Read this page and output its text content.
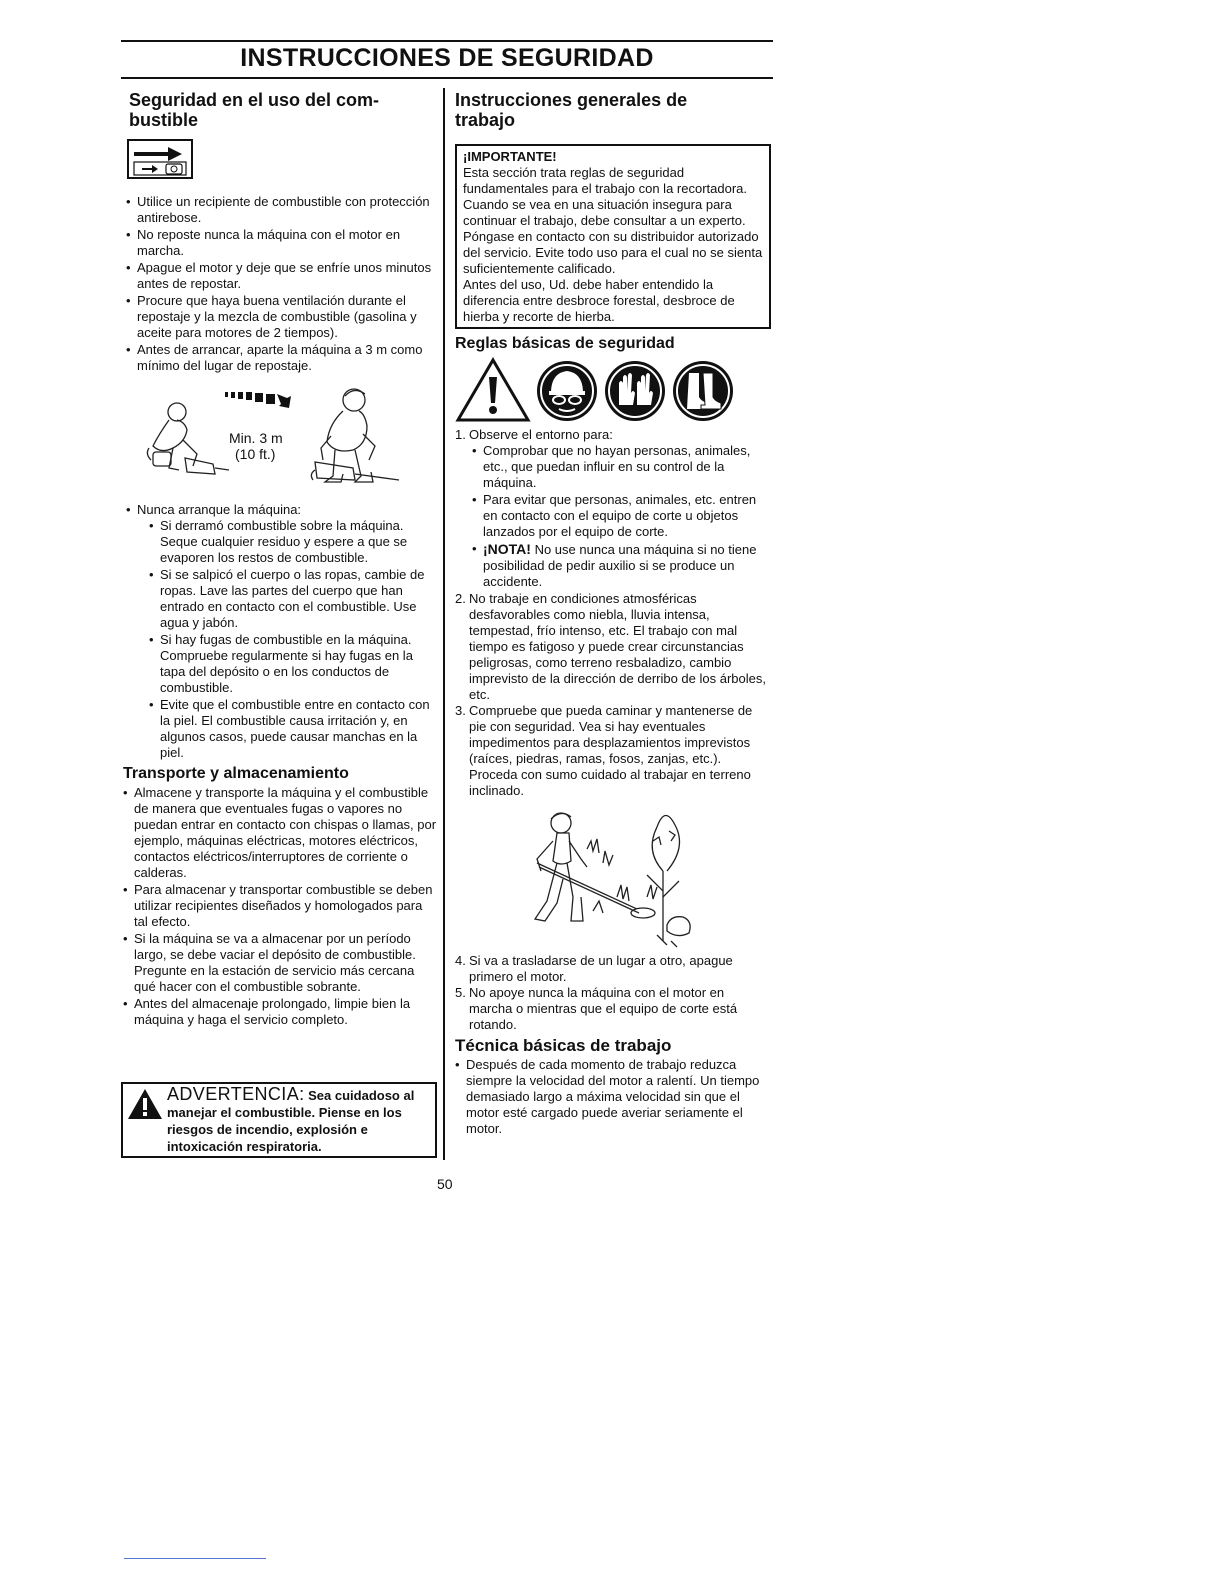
INSTRUCCIONES DE SEGURIDAD
Seguridad en el uso del com-
bustible
• Utilice un recipiente de combustible con protección antirebose.
• No reposte nunca la máquina con el motor en marcha.
• Apague el motor y deje que se enfríe unos minutos antes de repostar.
• Procure que haya buena ventilación durante el repostaje y la mezcla de combustible (gasolina y aceite para motores de 2 tiempos).
• Antes de arrancar, aparte la máquina a 3 m como mínimo del lugar de repostaje.
Min. 3 m
(10 ft.)
• Nunca arranque la máquina:
• Si derramó combustible sobre la máquina. Seque cualquier residuo y espere a que se evaporen los restos de combustible.
• Si se salpicó el cuerpo o las ropas, cambie de ropas. Lave las partes del cuerpo que han entrado en contacto con el combustible. Use agua y jabón.
• Si hay fugas de combustible en la máquina. Compruebe regularmente si hay fugas en la tapa del depósito o en los conductos de combustible.
• Evite que el combustible entre en contacto con la piel. El combustible causa irritación y, en algunos casos, puede causar manchas en la piel.
Transporte y almacenamiento
• Almacene y transporte la máquina y el combustible de manera que eventuales fugas o vapores no puedan entrar en contacto con chispas o llamas, por ejemplo, máquinas eléctricas, motores eléctricos, contactos eléctricos/interruptores de corriente o calderas.
• Para almacenar y transportar combustible se deben utilizar recipientes diseñados y homologados para tal efecto.
• Si la máquina se va a almacenar por un período largo, se debe vaciar el depósito de combustible. Pregunte en la estación de servicio más cercana qué hacer con el combustible sobrante.
• Antes del almacenaje prolongado, limpie bien la máquina y haga el servicio completo.
ADVERTENCIA: Sea cuidadoso al manejar el combustible. Piense en los riesgos de incendio, explosión e intoxicación respiratoria.
Instrucciones generales de
trabajo
¡IMPORTANTE!
Esta sección trata reglas de seguridad fundamentales para el trabajo con la recortadora. Cuando se vea en una situación insegura para continuar el trabajo, debe consultar a un experto. Póngase en contacto con su distribuidor autorizado del servicio. Evite todo uso para el cual no se sienta suficientemente calificado.
Antes del uso, Ud. debe haber entendido la diferencia entre desbroce forestal, desbroce de hierba y recorte de hierba.
Reglas básicas de seguridad
1. Observe el entorno para:
• Comprobar que no hayan personas, animales, etc., que puedan influir en su control de la máquina.
• Para evitar que personas, animales, etc. entren en contacto con el equipo de corte u objetos lanzados por el equipo de corte.
• ¡NOTA! No use nunca una máquina si no tiene posibilidad de pedir auxilio si se produce un accidente.
2. No trabaje en condiciones atmosféricas desfavorables como niebla, lluvia intensa, tempestad, frío intenso, etc. El trabajo con mal tiempo es fatigoso y puede crear circunstancias peligrosas, como terreno resbaladizo, cambio imprevisto de la dirección de derribo de los árboles, etc.
3. Compruebe que pueda caminar y mantenerse de pie con seguridad. Vea si hay eventuales impedimentos para desplazamientos imprevistos (raíces, piedras, ramas, fosos, zanjas, etc.). Proceda con sumo cuidado al trabajar en terreno inclinado.
4. Si va a trasladarse de un lugar a otro, apague primero el motor.
5. No apoye nunca la máquina con el motor en marcha o mientras que el equipo de corte está rotando.
Técnica básicas de trabajo
• Después de cada momento de trabajo reduzca siempre la velocidad del motor a ralentí. Un tiempo demasiado largo a máxima velocidad sin que el motor esté cargado puede averiar seriamente el motor.
50
